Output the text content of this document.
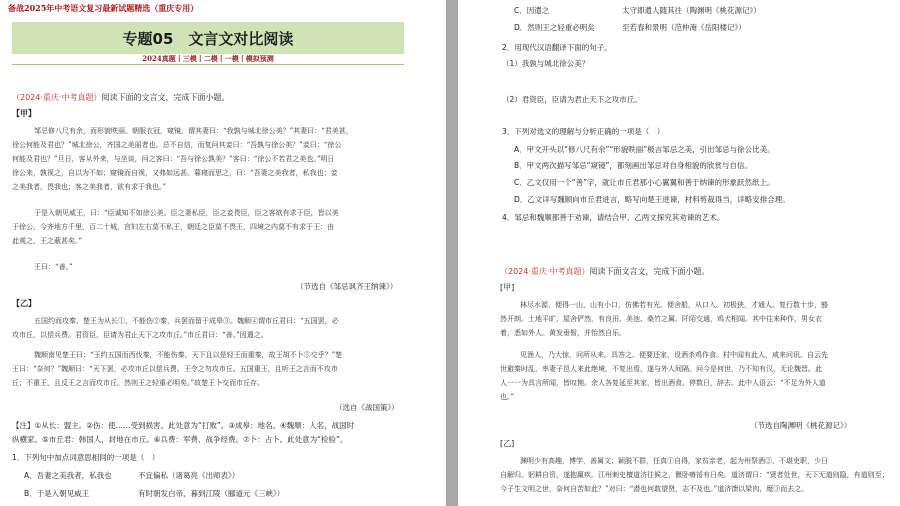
备战2025年中考语文复习最新试题精选（重庆专用）
专题05　文言文对比阅读
2024真题丨三模丨二模丨一模丨模拟预测
（2024·重庆·中考真题）阅读下面的文言文，完成下面小题。
【甲】
邹忌修八尺有余，而形貌昳丽。朝服衣冠，窥镜，谓其妻曰：“我孰与城北徐公美？”其妻曰：“君美甚，
徐公何能及君也？”城北徐公，齐国之美丽者也。忌不自信，而复问其妾曰：“吾孰与徐公美？”妾曰：“徐公
何能及君也？”旦日，客从外来，与坐谈，问之客曰：“吾与徐公孰美？”客曰：“徐公不若君之美也。”明日
徐公来，孰视之，自以为不如；窥镜而自视，又弗如远甚。暮寝而思之，曰：“吾妻之美我者，私我也；妾
之美我者，畏我也；客之美我者，欲有求于我也。”
于是入朝见威王，曰：“臣诚知不如徐公美。臣之妻私臣，臣之妾畏臣，臣之客欲有求于臣，皆以美
于徐公。今齐地方千里，百二十城，宫妇左右莫不私王，朝廷之臣莫不畏王，四境之内莫不有求于王：由
此观之，王之蔽甚矣。”
王曰：“善。”
（节选自《邹忌讽齐王纳谏》）
【乙】
五国约而攻秦，楚王为从长①，不能伤②秦，兵罢而留于成皋③。魏顺④谓市丘君曰：“五国罢，必
攻市丘，以偿兵费。君资臣，臣请为君止天下之攻市丘。”市丘君曰：“善。”因遣之。
魏顺南见楚王曰：“王约五国而西伐秦，不能伤秦，天下且以是轻王而重秦，故王胡不卜⑤交乎？”楚
王曰：“奈何？”魏顺曰：“天下罢，必攻市丘以偿兵费。王令之勿攻市丘。五国重王，且听王之言而不攻市
丘；不重王，且反王之言而攻市丘。然则王之轻重必明矣。”故楚王卜交而市丘存。
（选自《战国策》）
【注】①从长：盟主。②伤：使……受到损害。此处意为“打败”。③成皋：地名。④魏顺：人名，战国时
纵横家。⑤市丘君：韩国人，封地在市丘。⑥兵费：军费、战争经费。⑦卜：占卜。此处意为“检验”。
1．下列句中加点词意思相同的一项是（　）
A．吾妻之美我者，私我也	不宜偏私（诸葛亮《出师表》）
B．于是入朝见威王	有时朝发白帝，暮到江陵（郦道元《三峡》）
C．因遣之	太守即遣人随其往（陶渊明《桃花源记》）
D．然则王之轻重必明矣	至若春和景明（范仲淹《岳阳楼记》）
2．用现代汉语翻译下面的句子。
（1）我孰与城北徐公美？
（2）君资臣，臣请为君止天下之攻市丘。
3．下列对选文的理解与分析正确的一项是（　）
A．甲文开头以“修八尺有余”“形貌昳丽”极言邹忌之美，引出邹忌与徐公比美。
B．甲文两次描写邹忌“窥镜”，都刻画出邹忌对自身相貌的欣赏与自信。
C．乙文仅用一个“善”字，就让市丘君那小心翼翼和善于纳谏的形象跃然纸上。
D．乙文详写魏顺向市丘君进言，略写向楚王进谏，材料剪裁得当，详略安排合理。
4．邹忌和魏顺都善于劝谏，请结合甲、乙两文探究其劝谏的艺术。
（2024·重庆·中考真题）阅读下面文言文，完成下面小题。
[甲]
林尽水源，便得一山，山有小口，仿佛若有光。便舍船，从口入。初极狭，才通人。复行数十步，豁
然开朗。土地平旷，屋舍俨然，有良田、美池、桑竹之属。阡陌交通，鸡犬相闻。其中往来种作，男女衣
着，悉如外人。黄发垂髫，并怡然自乐。
见渔人，乃大惊，问所从来。具答之。便要还家，设酒杀鸡作食。村中闻有此人，咸来问讯。自云先
世避秦时乱，率妻子邑人来此绝境，不复出焉，遂与外人间隔。问今是何世，乃不知有汉，无论魏晋。此
人一一为具言所闻，皆叹惋。余人各复延至其家，皆出酒食。停数日，辞去。此中人语云：“不足为外人道
也。”
（节选自陶渊明《桃花源记》）
[乙]
渊明少有高趣，博学，善属文；颖脱不群，任真①自得，家贫亲老，起为州祭酒②，不堪吏职，少日
自解归。躬耕自资，遂抱羸疾。江州刺史檀道济往候之，偃卧瘠馁有日矣。道济谓曰：“贤者处世，天下无道则隐，有道则至；
今子生文明之世，奈何自苦如此？”对曰：“潜也何敢望贤，志不及也。”道济馈以梁肉，麾③而去之。
